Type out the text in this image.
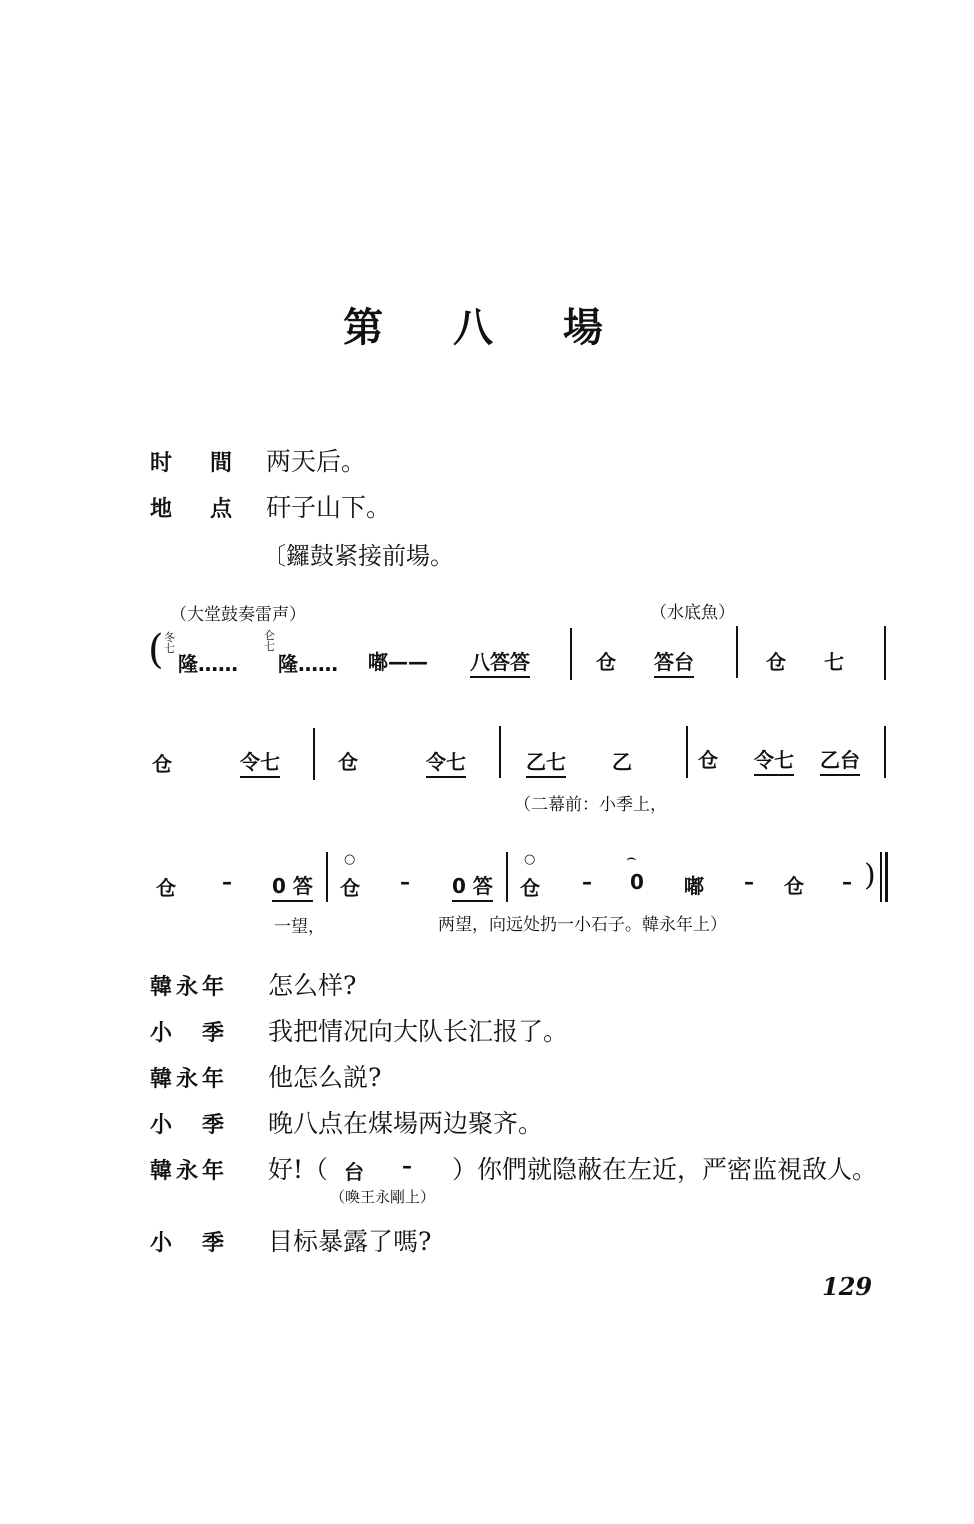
第 八 場
时　間 两天后。
地　点 矸子山下。
〔鑼鼓紧接前場。
（大堂鼓奏雷声）	（水底魚）
( 冬
七
隆……
仑
七
隆…… 嘟—— 八答答	仓 答台	仓 七
仓	令七	仓	令七	乙七 乙	仓 令七 乙台
（二幕前：小季上，
仓 – 0 答
○
仓 – 0 答
○
仓 –
⌢
0 嘟 – 仓 – )
一望，	两望，向远处扔一小石子。韓永年上）
韓永年 怎么样?
小　季 我把情况向大队长汇报了。
韓永年 他怎么説?
小　季 晚八点在煤場两边聚齐。
韓永年 好!（ 台 – ）你們就隐蔽在左近，严密监視敌人。
（喚王永剛上）
小　季 目标暴露了嗎?
129
